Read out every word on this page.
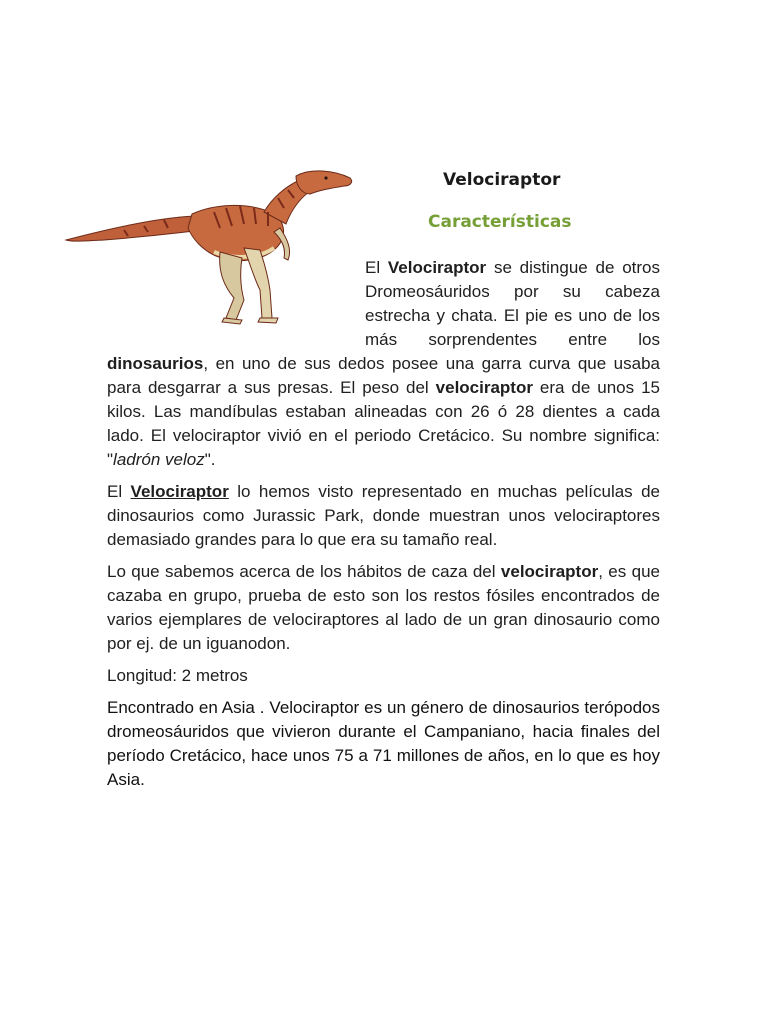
Velociraptor
Características

El Velociraptor se distingue de otros Dromeosáuridos por su cabeza estrecha y chata. El pie es uno de los más sorprendentes entre los dinosaurios, en uno de sus dedos posee una garra curva que usaba para desgarrar a sus presas. El peso del velociraptor era de unos 15 kilos. Las mandíbulas estaban alineadas con 26 ó 28 dientes a cada lado. El velociraptor vivió en el periodo Cretácico. Su nombre significa: "ladrón veloz".

El Velociraptor lo hemos visto representado en muchas películas de dinosaurios como Jurassic Park, donde muestran unos velociraptores demasiado grandes para lo que era su tamaño real.

Lo que sabemos acerca de los hábitos de caza del velociraptor, es que cazaba en grupo, prueba de esto son los restos fósiles encontrados de varios ejemplares de velociraptores al lado de un gran dinosaurio como por ej. de un iguanodon.

Longitud: 2 metros

Encontrado en Asia . Velociraptor es un género de dinosaurios terópodos dromeosáuridos que vivieron durante el Campaniano, hacia finales del período Cretácico, hace unos 75 a 71 millones de años, en lo que es hoy Asia.
